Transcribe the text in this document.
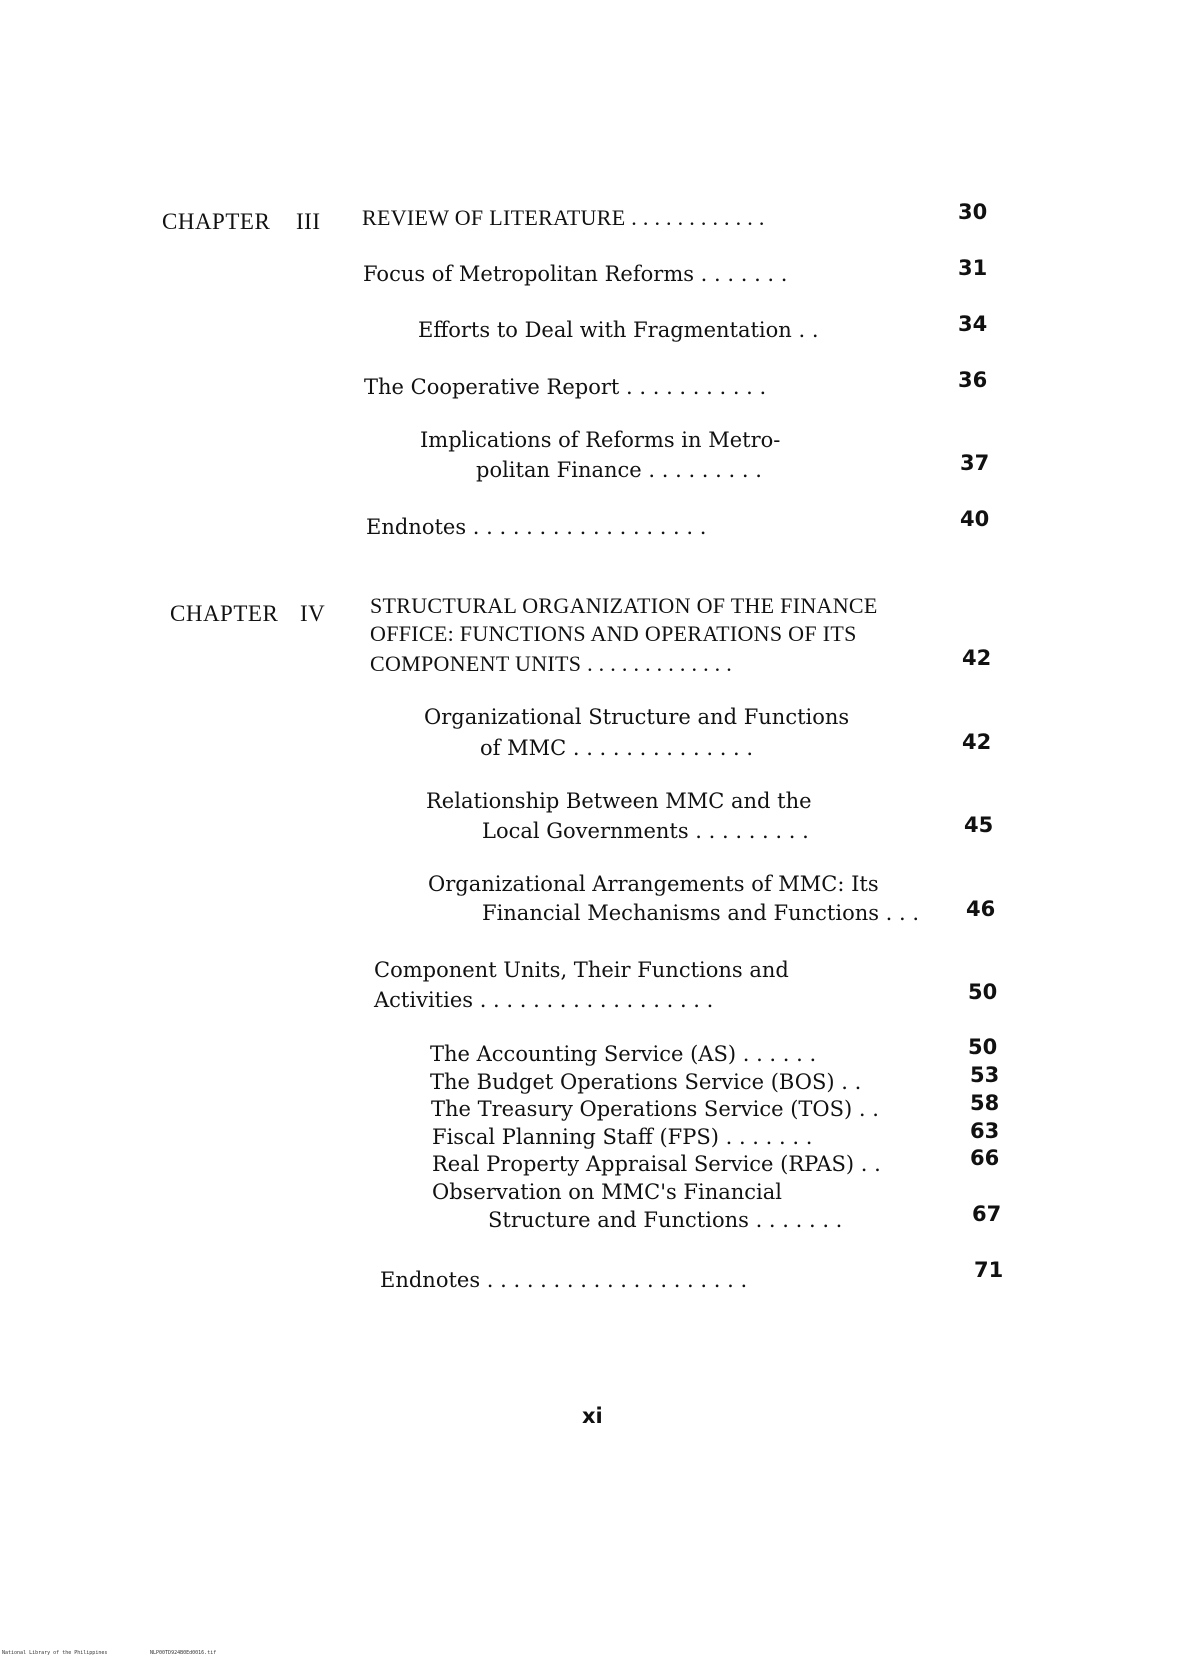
CHAPTER III REVIEW OF LITERATURE . . . . . . . . . . . .	30
Focus of Metropolitan Reforms . . . . . . .	31
Efforts to Deal with Fragmentation . .	34
The Cooperative Report . . . . . . . . . . .	36
Implications of Reforms in Metro-
politan Finance . . . . . . . . .	37
Endnotes . . . . . . . . . . . . . . . . . .	40
CHAPTER IV STRUCTURAL ORGANIZATION OF THE FINANCE
OFFICE: FUNCTIONS AND OPERATIONS OF ITS
COMPONENT UNITS . . . . . . . . . . . . .	42
Organizational Structure and Functions
of MMC . . . . . . . . . . . . . .	42
Relationship Between MMC and the
Local Governments . . . . . . . . .	45
Organizational Arrangements of MMC: Its
Financial Mechanisms and Functions . . . 46
Component Units, Their Functions and
Activities . . . . . . . . . . . . . . . . . .	50
The Accounting Service (AS) . . . . . .	50
The Budget Operations Service (BOS) . .	53
The Treasury Operations Service (TOS) . .	58
Fiscal Planning Staff (FPS) . . . . . . .	63
Real Property Appraisal Service (RPAS) . .	66
Observation on MMC's Financial
Structure and Functions . . . . . . .	67
Endnotes . . . . . . . . . . . . . . . . . . . .	71
xi
National Library of the Philippines	NLP00TD924B0Ed0016.tif
